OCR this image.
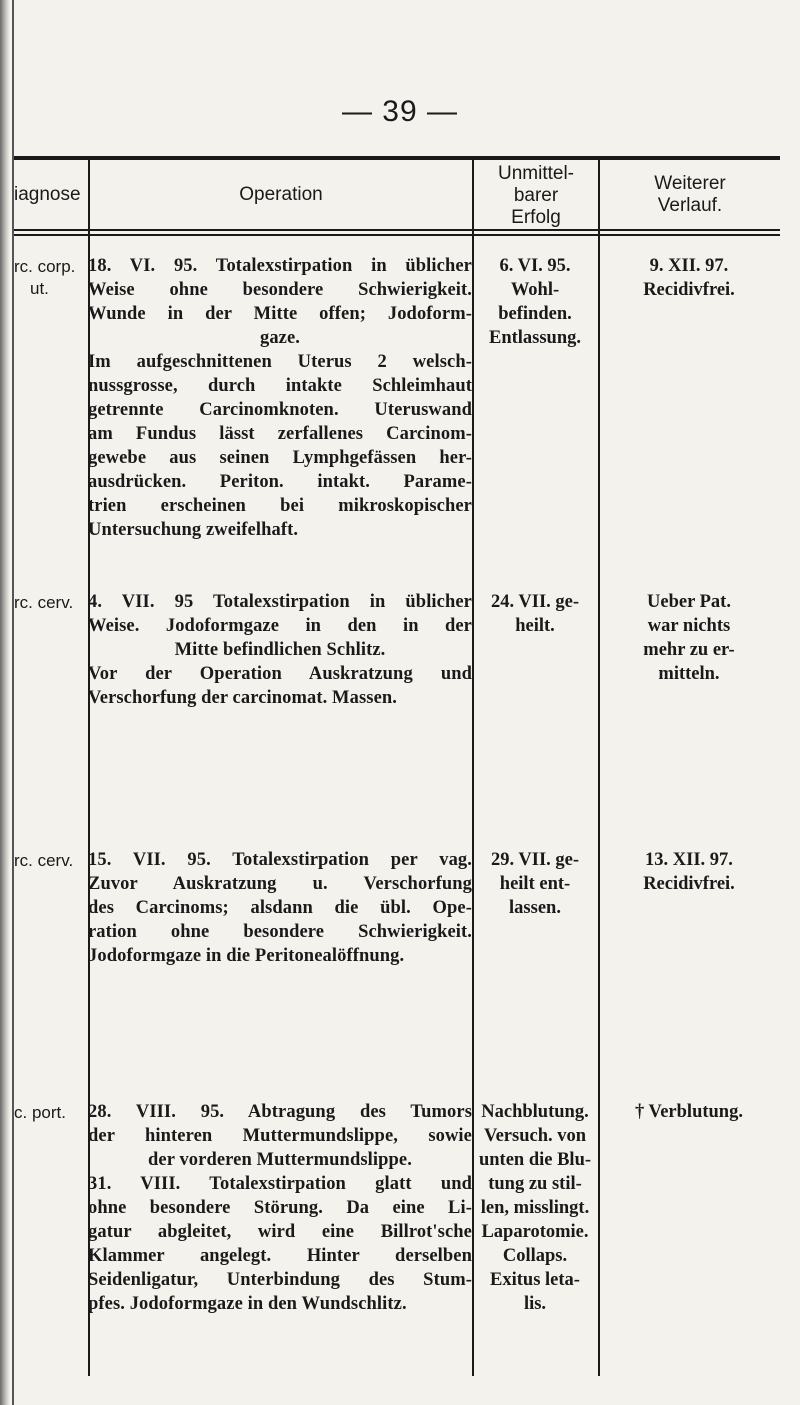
— 39 —
iagnose	Operation
Unmittel-
barer
Erfolg
Weiterer
Verlauf.
rc. corp.
ut.
18. VI. 95. Totalexstirpation in üblicher
Weise ohne besondere Schwierigkeit.
Wunde in der Mitte offen; Jodoform-
gaze.
Im aufgeschnittenen Uterus 2 welsch-
nussgrosse, durch intakte Schleimhaut
getrennte Carcinomknoten. Uteruswand
am Fundus lässt zerfallenes Carcinom-
gewebe aus seinen Lymphgefässen her-
ausdrücken. Periton. intakt. Parame-
trien erscheinen bei mikroskopischer
Untersuchung zweifelhaft.
6. VI. 95.
Wohl-
befinden.
Entlassung.
9. XII. 97.
Recidivfrei.
rc. cerv. 4. VII. 95 Totalexstirpation in üblicher
Weise. Jodoformgaze in den in der
Mitte befindlichen Schlitz.
Vor der Operation Auskratzung und
Verschorfung der carcinomat. Massen.
24. VII. ge-
heilt.
Ueber Pat.
war nichts
mehr zu er-
mitteln.
rc. cerv. 15. VII. 95. Totalexstirpation per vag.
Zuvor Auskratzung u. Verschorfung
des Carcinoms; alsdann die übl. Ope-
ration ohne besondere Schwierigkeit.
Jodoformgaze in die Peritonealöffnung.
29. VII. ge-
heilt ent-
lassen.
13. XII. 97.
Recidivfrei.
c. port. 28. VIII. 95. Abtragung des Tumors
der hinteren Muttermundslippe, sowie
der vorderen Muttermundslippe.
31. VIII. Totalexstirpation glatt und
ohne besondere Störung. Da eine Li-
gatur abgleitet, wird eine Billrot'sche
Klammer angelegt. Hinter derselben
Seidenligatur, Unterbindung des Stum-
pfes. Jodoformgaze in den Wundschlitz.
Nachblutung.
Versuch. von
unten die Blu-
tung zu stil-
len, misslingt.
Laparotomie.
Collaps.
Exitus leta-
lis.
† Verblutung.
